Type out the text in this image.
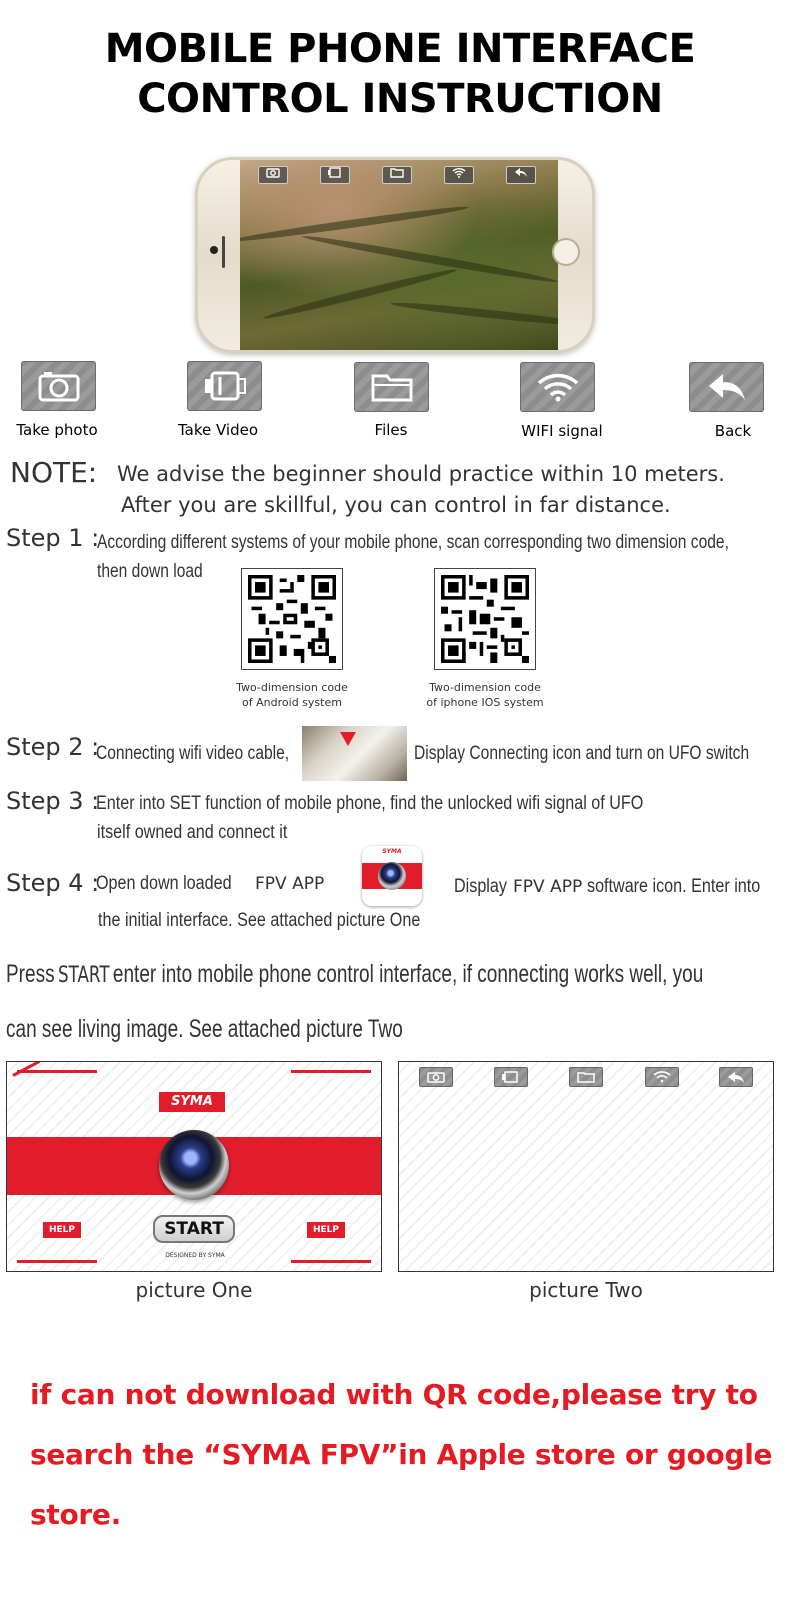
MOBILE PHONE INTERFACE
CONTROL INSTRUCTION
Take photo	Take Video	Files	WIFI signal	Back
NOTE: We advise the beginner should practice within 10 meters.
After you are skillful, you can control in far distance.
Step 1 :
According different systems of your mobile phone, scan corresponding two dimension code,
then down load
Two-dimension code
of Android system
Two-dimension code
of iphone IOS system
Step 2 :
Connecting wifi video cable,	Display Connecting icon and turn on UFO switch
Step 3 :
Enter into SET function of mobile phone, find the unlocked wifi signal of UFO
itself owned and connect it
Step 4 :
Open down loaded FPV APP
SYMA
Display FPV APP software icon. Enter into
the initial interface. See attached picture One
Press START enter into mobile phone control interface, if connecting works well, you
can see living image. See attached picture Two
SYMA
START
HELP	HELP
DESIGNED BY SYMA
picture One	picture Two
if can not download with QR code,please try to
search the “SYMA FPV”in Apple store or google
store.
